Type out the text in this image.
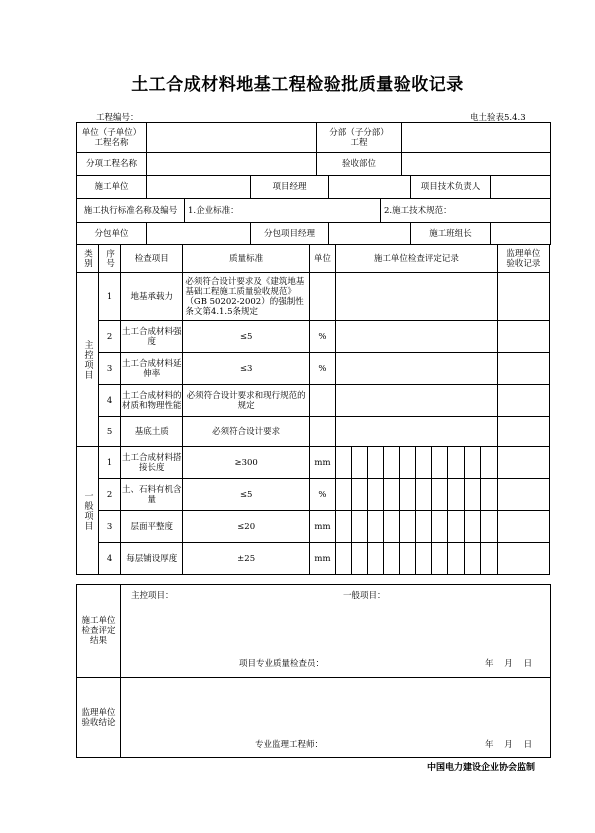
土工合成材料地基工程检验批质量验收记录
工程编号：	电土验表5.4.3
单位（子单位）
工程名称		分部（子分部）
工程	
分项工程名称		验收部位	
施工单位		项目经理		项目技术负责人	
施工执行标准名称及编号	1.企业标准：	2.施工技术规范：
分包单位		分包项目经理		施工班组长	
类别	序号	检查项目	质量标准	单位	施工单位检查评定记录										监理单位
验收记录
主控项目	1	地基承载力	必须符合设计要求及《建筑地基基础工程施工质量验收规范》（GB 50202-2002）的强制性条文第4.1.5条规定												
	2	土工合成材料强度	≤5	%											
	3	土工合成材料延伸率	≤3	%											
	4	土工合成材料的材质和物理性能	必须符合设计要求和现行规范的规定												
	5	基底土质	必须符合设计要求												
一般项目	1	土工合成材料搭接长度	≥300	mm											
	2	土、石料有机含量	≤5	%											
	3	层面平整度	≤20	mm											
	4	每层铺设厚度	±25	mm											
施工单位
检查评定
结果	主控项目： 一般项目：
项目专业质量检查员： 年    月    日

监理单位
验收结论	专业监理工程师： 年    月    日
中国电力建设企业协会监制
